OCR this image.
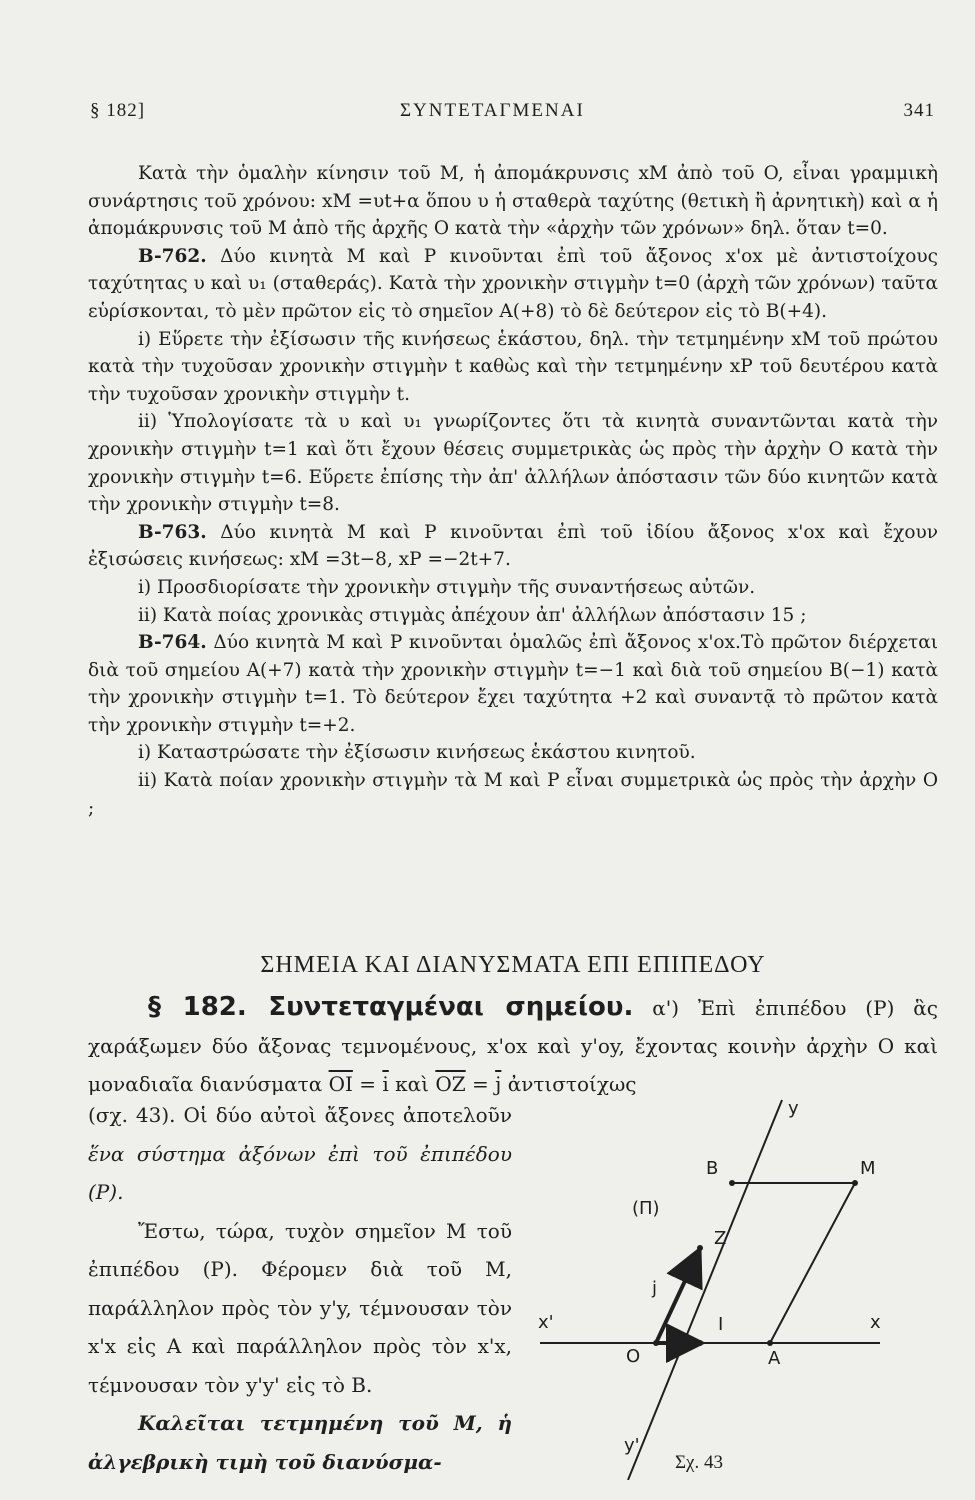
§ 182]	ΣΥΝΤΕΤΑΓΜΕΝΑΙ	341

Κατὰ τὴν ὁμαλὴν κίνησιν τοῦ Μ, ἡ ἀπομάκρυνσις xM ἀπὸ τοῦ O, εἶναι γραμμικὴ συνάρτησις τοῦ χρόνου: xM =υt+α ὅπου υ ἡ σταθερὰ ταχύτης (θετικὴ ἢ ἀρνητικὴ) καὶ α ἡ ἀπομάκρυνσις τοῦ Μ ἀπὸ τῆς ἀρχῆς O κατὰ τὴν «ἀρχὴν τῶν χρόνων» δηλ. ὅταν t=0.

B-762. Δύο κινητὰ Μ καὶ Ρ κινοῦνται ἐπὶ τοῦ ἄξονος x'ox μὲ ἀντιστοίχους ταχύτητας υ καὶ υ₁ (σταθεράς). Κατὰ τὴν χρονικὴν στιγμὴν t=0 (ἀρχὴ τῶν χρόνων) ταῦτα εὑρίσκονται, τὸ μὲν πρῶτον εἰς τὸ σημεῖον Α(+8) τὸ δὲ δεύτερον εἰς τὸ Β(+4).

i) Εὕρετε τὴν ἐξίσωσιν τῆς κινήσεως ἑκάστου, δηλ. τὴν τετμημένην xM τοῦ πρώτου κατὰ τὴν τυχοῦσαν χρονικὴν στιγμὴν t καθὼς καὶ τὴν τετμημένην xP τοῦ δευτέρου κατὰ τὴν τυχοῦσαν χρονικὴν στιγμὴν t.

ii) Ὑπολογίσατε τὰ υ καὶ υ₁ γνωρίζοντες ὅτι τὰ κινητὰ συναντῶνται κατὰ τὴν χρονικὴν στιγμὴν t=1 καὶ ὅτι ἔχουν θέσεις συμμετρικὰς ὡς πρὸς τὴν ἀρχὴν O κατὰ τὴν χρονικὴν στιγμὴν t=6. Εὕρετε ἐπίσης τὴν ἀπ' ἀλλήλων ἀπόστασιν τῶν δύο κινητῶν κατὰ τὴν χρονικὴν στιγμὴν t=8.

B-763. Δύο κινητὰ Μ καὶ Ρ κινοῦνται ἐπὶ τοῦ ἰδίου ἄξονος x'ox καὶ ἔχουν ἐξισώσεις κινήσεως: xM =3t−8, xP =−2t+7.

i) Προσδιορίσατε τὴν χρονικὴν στιγμὴν τῆς συναντήσεως αὐτῶν.

ii) Κατὰ ποίας χρονικὰς στιγμὰς ἀπέχουν ἀπ' ἀλλήλων ἀπόστασιν 15 ;

B-764. Δύο κινητὰ Μ καὶ Ρ κινοῦνται ὁμαλῶς ἐπὶ ἄξονος x'ox.Τὸ πρῶτον διέρχεται διὰ τοῦ σημείου Α(+7) κατὰ τὴν χρονικὴν στιγμὴν t=−1 καὶ διὰ τοῦ σημείου Β(−1) κατὰ τὴν χρονικὴν στιγμὴν t=1. Τὸ δεύτερον ἔχει ταχύτητα +2 καὶ συναντᾷ τὸ πρῶτον κατὰ τὴν χρονικὴν στιγμὴν t=+2.

i) Καταστρώσατε τὴν ἐξίσωσιν κινήσεως ἑκάστου κινητοῦ.

ii) Κατὰ ποίαν χρονικὴν στιγμὴν τὰ Μ καὶ Ρ εἶναι συμμετρικὰ ὡς πρὸς τὴν ἀρχὴν O ;

ΣΗΜΕΙΑ ΚΑΙ ΔΙΑΝΥΣΜΑΤΑ ΕΠΙ ΕΠΙΠΕΔΟΥ

§ 182. Συντεταγμέναι σημείου. α') Ἐπὶ ἐπιπέδου (Ρ) ἃς χαράξωμεν δύο ἄξονας τεμνομένους, x'ox καὶ y'oy, ἔχοντας κοινὴν ἀρχὴν O καὶ μοναδιαῖα διανύσματα $\overline{OI} = \overline{i}$ καὶ $\overline{OZ} = \overline{j}$ ἀντιστοίχως

(σχ. 43). Οἱ δύο αὐτοὶ ἄξονες ἀποτελοῦν ἕνα σύστημα ἀξόνων ἐπὶ τοῦ ἐπιπέδου (Ρ).

Ἔστω, τώρα, τυχὸν σημεῖον Μ τοῦ ἐπιπέδου (Ρ). Φέρομεν διὰ τοῦ Μ, παράλληλον πρὸς τὸν y'y, τέμνουσαν τὸν x'x εἰς Α καὶ παράλληλον πρὸς τὸν x'x, τέμνουσαν τὸν y'y' εἰς τὸ Β.

Καλεῖται τετμημένη τοῦ Μ, ἡ ἀλγεβρικὴ τιμὴ τοῦ διανύσμα-

y
y'
x
x'
O	A
B	M
Z
I
i
j
(Π)
Σχ. 43
